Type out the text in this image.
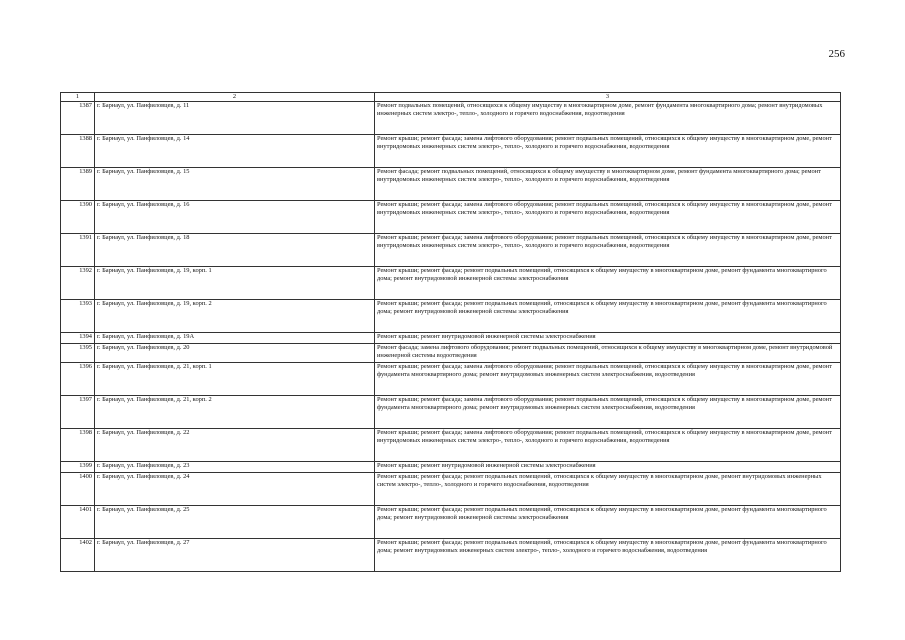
256
1	2	3
1387	г. Барнаул, ул. Панфиловцев, д. 11	Ремонт подвальных помещений, относящихся к общему имуществу в многоквартирном доме, ремонт фундамента многоквартирного дома; ремонт внутридомовых инженерных систем электро-, тепло-, холодного и горячего водоснабжения, водоотведения
1388	г. Барнаул, ул. Панфиловцев, д. 14	Ремонт крыши; ремонт фасада; замена лифтового оборудования; ремонт подвальных помещений, относящихся к общему имуществу в многоквартирном доме, ремонт внутридомовых инженерных систем электро-, тепло-, холодного и горячего водоснабжения, водоотведения
1389	г. Барнаул, ул. Панфиловцев, д. 15	Ремонт фасада; ремонт подвальных помещений, относящихся к общему имуществу в многоквартирном доме, ремонт фундамента многоквартирного дома; ремонт внутридомовых инженерных систем электро-, тепло-, холодного и горячего водоснабжения, водоотведения
1390	г. Барнаул, ул. Панфиловцев, д. 16	Ремонт крыши; ремонт фасада; замена лифтового оборудования; ремонт подвальных помещений, относящихся к общему имуществу в многоквартирном доме, ремонт внутридомовых инженерных систем электро-, тепло-, холодного и горячего водоснабжения, водоотведения
1391	г. Барнаул, ул. Панфиловцев, д. 18	Ремонт крыши; ремонт фасада; замена лифтового оборудования; ремонт подвальных помещений, относящихся к общему имуществу в многоквартирном доме, ремонт внутридомовых инженерных систем электро-, тепло-, холодного и горячего водоснабжения, водоотведения
1392	г. Барнаул, ул. Панфиловцев, д. 19, корп. 1	Ремонт крыши; ремонт фасада; ремонт подвальных помещений, относящихся к общему имуществу в многоквартирном доме, ремонт фундамента многоквартирного дома; ремонт внутридомовой инженерной системы электроснабжения
1393	г. Барнаул, ул. Панфиловцев, д. 19, корп. 2	Ремонт крыши; ремонт фасада; ремонт подвальных помещений, относящихся к общему имуществу в многоквартирном доме, ремонт фундамента многоквартирного дома; ремонт внутридомовой инженерной системы электроснабжения
1394	г. Барнаул, ул. Панфиловцев, д. 19А	Ремонт крыши; ремонт внутридомовой инженерной системы электроснабжения
1395	г. Барнаул, ул. Панфиловцев, д. 20	Ремонт фасада; замена лифтового оборудования; ремонт подвальных помещений, относящихся к общему имуществу в многоквартирном доме, ремонт внутридомовой инженерной системы водоотведения
1396	г. Барнаул, ул. Панфиловцев, д. 21, корп. 1	Ремонт крыши; ремонт фасада; замена лифтового оборудования; ремонт подвальных помещений, относящихся к общему имуществу в многоквартирном доме, ремонт фундамента многоквартирного дома; ремонт внутридомовых инженерных систем электроснабжения, водоотведения
1397	г. Барнаул, ул. Панфиловцев, д. 21, корп. 2	Ремонт крыши; ремонт фасада; замена лифтового оборудования; ремонт подвальных помещений, относящихся к общему имуществу в многоквартирном доме, ремонт фундамента многоквартирного дома; ремонт внутридомовых инженерных систем электроснабжения, водоотведения
1398	г. Барнаул, ул. Панфиловцев, д. 22	Ремонт крыши; ремонт фасада; замена лифтового оборудования; ремонт подвальных помещений, относящихся к общему имуществу в многоквартирном доме, ремонт внутридомовых инженерных систем электро-, тепло-, холодного и горячего водоснабжения, водоотведения
1399	г. Барнаул, ул. Панфиловцев, д. 23	Ремонт крыши; ремонт внутридомовой инженерной системы электроснабжения
1400	г. Барнаул, ул. Панфиловцев, д. 24	Ремонт крыши; ремонт фасада; ремонт подвальных помещений, относящихся к общему имуществу в многоквартирном доме, ремонт внутридомовых инженерных систем электро-, тепло-, холодного и горячего водоснабжения, водоотведения
1401	г. Барнаул, ул. Панфиловцев, д. 25	Ремонт крыши; ремонт фасада; ремонт подвальных помещений, относящихся к общему имуществу в многоквартирном доме, ремонт фундамента многоквартирного дома; ремонт внутридомовой инженерной системы электроснабжения
1402	г. Барнаул, ул. Панфиловцев, д. 27	Ремонт крыши; ремонт фасада; ремонт подвальных помещений, относящихся к общему имуществу в многоквартирном доме, ремонт фундамента многоквартирного дома; ремонт внутридомовых инженерных систем электро-, тепло-, холодного и горячего водоснабжения, водоотведения
